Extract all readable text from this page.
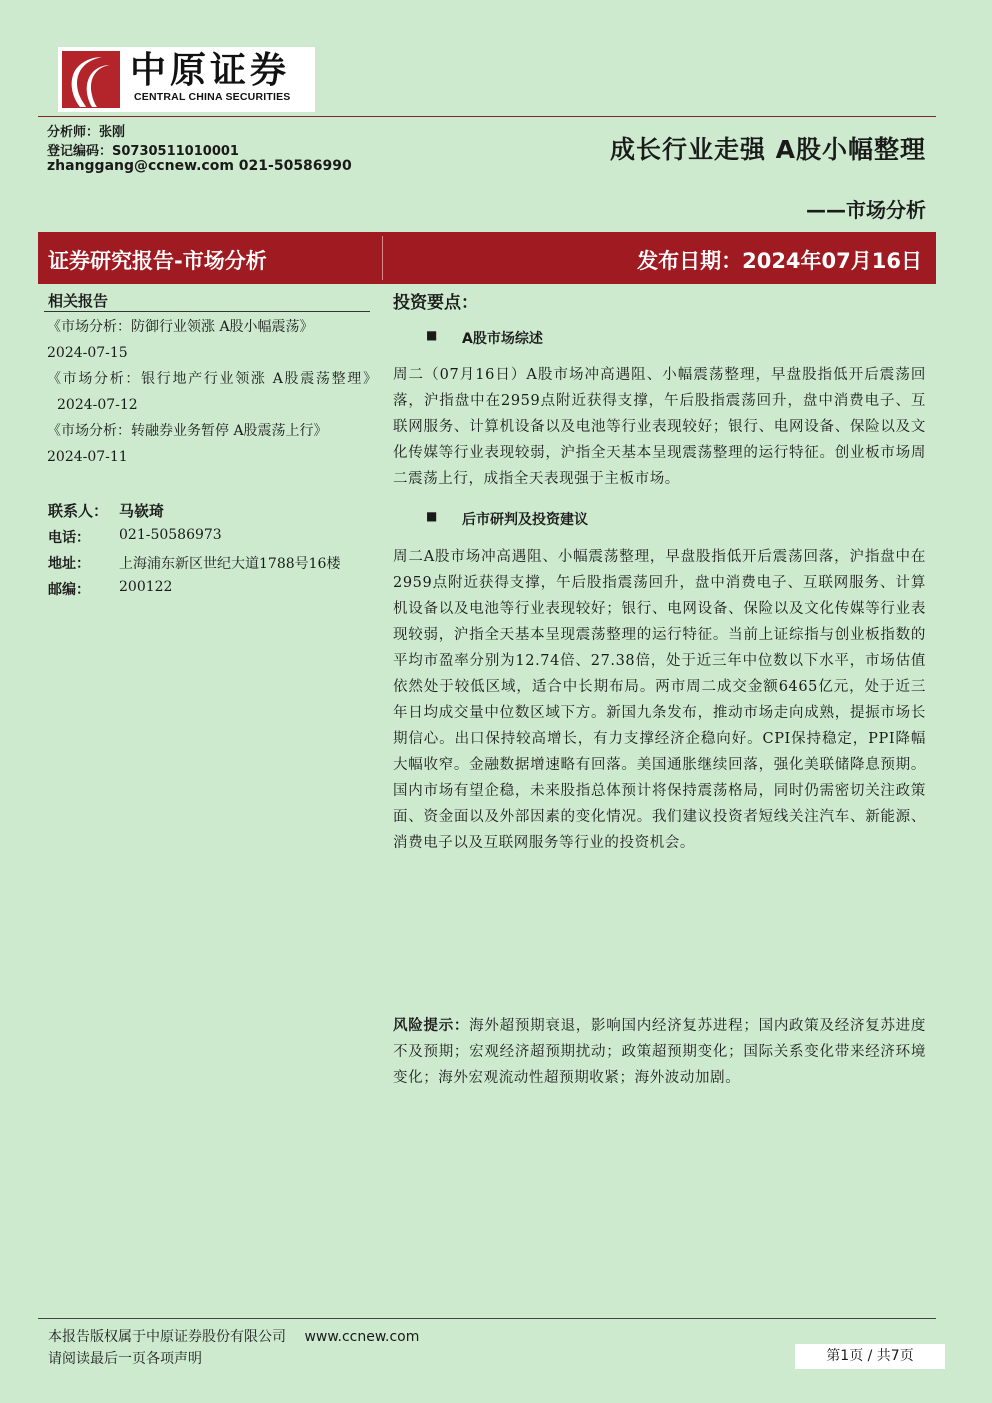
中原证券
CENTRAL CHINA SECURITIES
分析师：张刚
登记编码：S0730511010001
zhanggang@ccnew.com 021-50586990
成长行业走强 A股小幅整理
——市场分析
证券研究报告-市场分析	发布日期：2024年07月16日
相关报告
《市场分析：防御行业领涨 A股小幅震荡》
2024-07-15
《市场分析：银行地产行业领涨 A股震荡整理》 2024-07-12
《市场分析：转融券业务暂停 A股震荡上行》
2024-07-11
联系人： 马嵚琦
电话： 021-50586973
地址： 上海浦东新区世纪大道1788号16楼
邮编： 200122
投资要点：
■ A股市场综述
周二（07月16日）A股市场冲高遇阻、小幅震荡整理，早盘股指低开后震荡回落，沪指盘中在2959点附近获得支撑，午后股指震荡回升，盘中消费电子、互联网服务、计算机设备以及电池等行业表现较好；银行、电网设备、保险以及文化传媒等行业表现较弱，沪指全天基本呈现震荡整理的运行特征。创业板市场周二震荡上行，成指全天表现强于主板市场。
■ 后市研判及投资建议
周二A股市场冲高遇阻、小幅震荡整理，早盘股指低开后震荡回落，沪指盘中在2959点附近获得支撑，午后股指震荡回升，盘中消费电子、互联网服务、计算机设备以及电池等行业表现较好；银行、电网设备、保险以及文化传媒等行业表现较弱，沪指全天基本呈现震荡整理的运行特征。当前上证综指与创业板指数的平均市盈率分别为12.74倍、27.38倍，处于近三年中位数以下水平，市场估值依然处于较低区域，适合中长期布局。两市周二成交金额6465亿元，处于近三年日均成交量中位数区域下方。新国九条发布，推动市场走向成熟，提振市场长期信心。出口保持较高增长，有力支撑经济企稳向好。CPI保持稳定，PPI降幅大幅收窄。金融数据增速略有回落。美国通胀继续回落，强化美联储降息预期。国内市场有望企稳，未来股指总体预计将保持震荡格局，同时仍需密切关注政策面、资金面以及外部因素的变化情况。我们建议投资者短线关注汽车、新能源、消费电子以及互联网服务等行业的投资机会。
风险提示：海外超预期衰退，影响国内经济复苏进程；国内政策及经济复苏进度不及预期；宏观经济超预期扰动；政策超预期变化；国际关系变化带来经济环境变化；海外宏观流动性超预期收紧；海外波动加剧。
本报告版权属于中原证券股份有限公司 www.ccnew.com
请阅读最后一页各项声明	第1页 / 共7页
